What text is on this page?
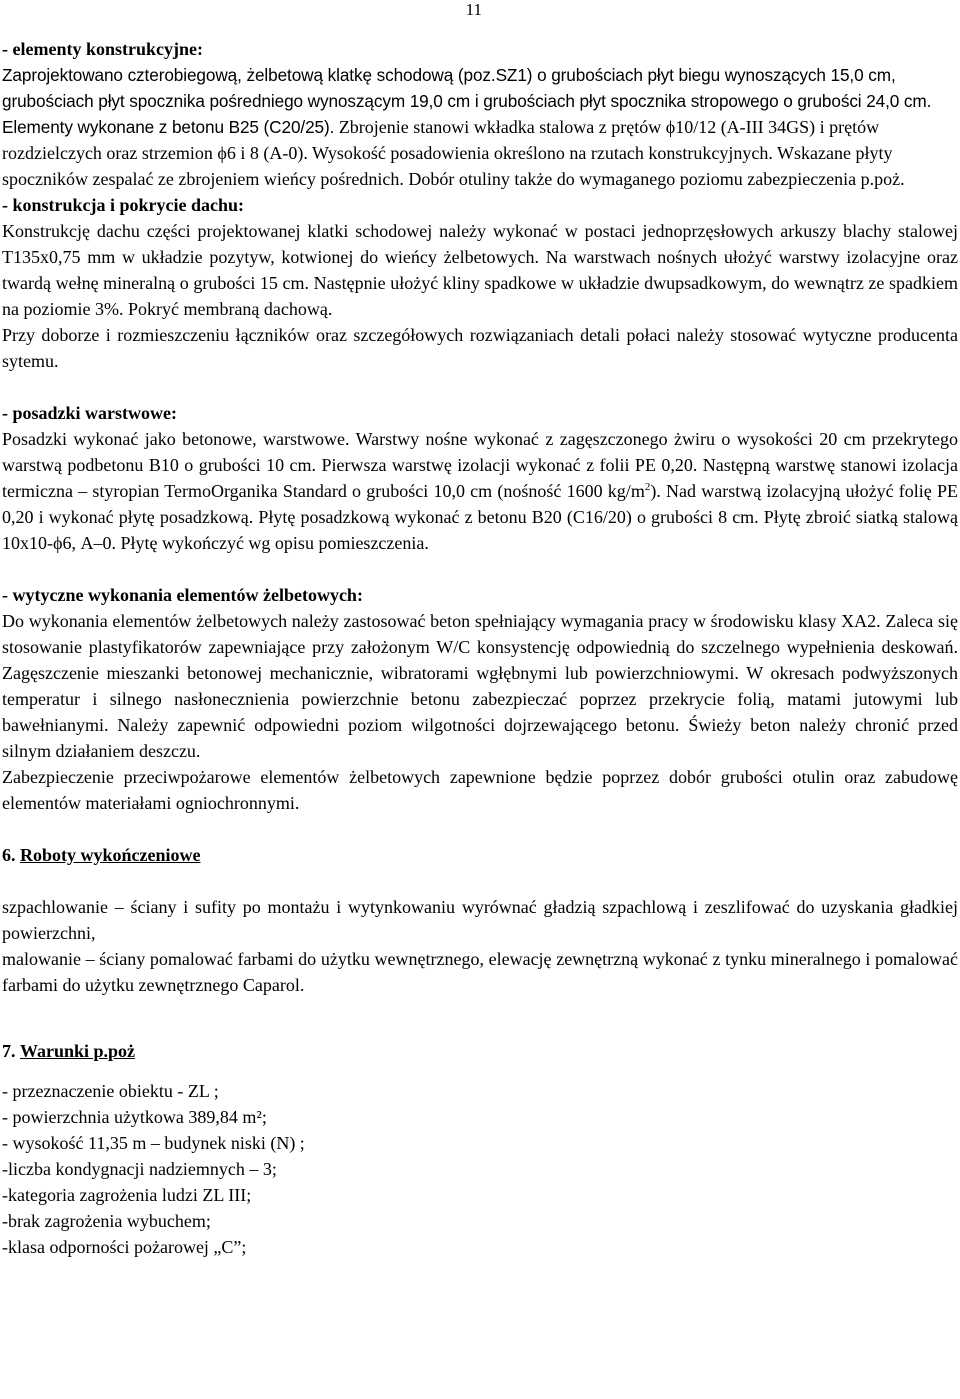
11

- elementy konstrukcyjne:

Zaprojektowano czterobiegową, żelbetową klatkę schodową (poz.SZ1) o grubościach płyt biegu wynoszących 15,0 cm, grubościach płyt spocznika pośredniego wynoszącym 19,0 cm i grubościach płyt spocznika stropowego o grubości 24,0 cm. Elementy wykonane z betonu B25 (C20/25).

Zbrojenie stanowi wkładka stalowa z prętów ϕ10/12 (A-III 34GS) i prętów rozdzielczych oraz strzemion ϕ6 i 8 (A-0). Wysokość posadowienia określono na rzutach konstrukcyjnych. Wskazane płyty spoczników zespalać ze zbrojeniem wieńcy pośrednich. Dobór otuliny także do wymaganego poziomu zabezpieczenia p.poż.

- konstrukcja i pokrycie dachu:

Konstrukcję dachu części projektowanej klatki schodowej należy wykonać w postaci jednoprzęsłowych arkuszy blachy stalowej T135x0,75 mm w układzie pozytyw, kotwionej do wieńcy żelbetowych. Na warstwach nośnych ułożyć warstwy izolacyjne oraz twardą wełnę mineralną o grubości 15 cm. Następnie ułożyć kliny spadkowe w układzie dwupsadkowym, do wewnątrz ze spadkiem na poziomie 3%. Pokryć membraną dachową.

Przy doborze i rozmieszczeniu łączników oraz szczegółowych rozwiązaniach detali połaci należy stosować wytyczne producenta sytemu.

- posadzki warstwowe:

Posadzki wykonać jako betonowe, warstwowe. Warstwy nośne wykonać z zagęszczonego żwiru o wysokości 20 cm przekrytego warstwą podbetonu B10 o grubości 10 cm. Pierwsza warstwę izolacji wykonać z folii PE 0,20. Następną warstwę stanowi izolacja termiczna – styropian TermoOrganika Standard o grubości 10,0 cm (nośność 1600 $kg/m^2$). Nad warstwą izolacyjną ułożyć folię PE 0,20 i wykonać płytę posadzkową. Płytę posadzkową wykonać z betonu B20 (C16/20) o grubości 8 cm. Płytę zbroić siatką stalową 10x10-ϕ6, A–0. Płytę wykończyć wg opisu pomieszczenia.

- wytyczne wykonania elementów żelbetowych:

Do wykonania elementów żelbetowych należy zastosować beton spełniający wymagania pracy w środowisku klasy XA2. Zaleca się stosowanie plastyfikatorów zapewniające przy założonym W/C konsystencję odpowiednią do szczelnego wypełnienia deskowań. Zagęszczenie mieszanki betonowej mechanicznie, wibratorami wgłębnymi lub powierzchniowymi. W okresach podwyższonych temperatur i silnego nasłonecznienia powierzchnie betonu zabezpieczać poprzez przekrycie folią, matami jutowymi lub bawełnianymi. Należy zapewnić odpowiedni poziom wilgotności dojrzewającego betonu. Świeży beton należy chronić przed silnym działaniem deszczu.

Zabezpieczenie przeciwpożarowe elementów żelbetowych zapewnione będzie poprzez dobór grubości otulin oraz zabudowę elementów materiałami ogniochronnymi.

6. Roboty wykończeniowe

szpachlowanie – ściany i sufity po montażu i wytynkowaniu wyrównać gładzią szpachlową i zeszlifować do uzyskania gładkiej powierzchni,

malowanie – ściany pomalować farbami do użytku wewnętrznego, elewację zewnętrzną wykonać z tynku mineralnego i pomalować farbami do użytku zewnętrznego Caparol.

7. Warunki p.poż

- przeznaczenie obiektu - ZL ;

- powierzchnia użytkowa 389,84 m²;

- wysokość 11,35 m – budynek niski (N) ;

-liczba kondygnacji nadziemnych – 3;

-kategoria zagrożenia ludzi ZL III;

-brak zagrożenia wybuchem;

-klasa odporności pożarowej „C”;
